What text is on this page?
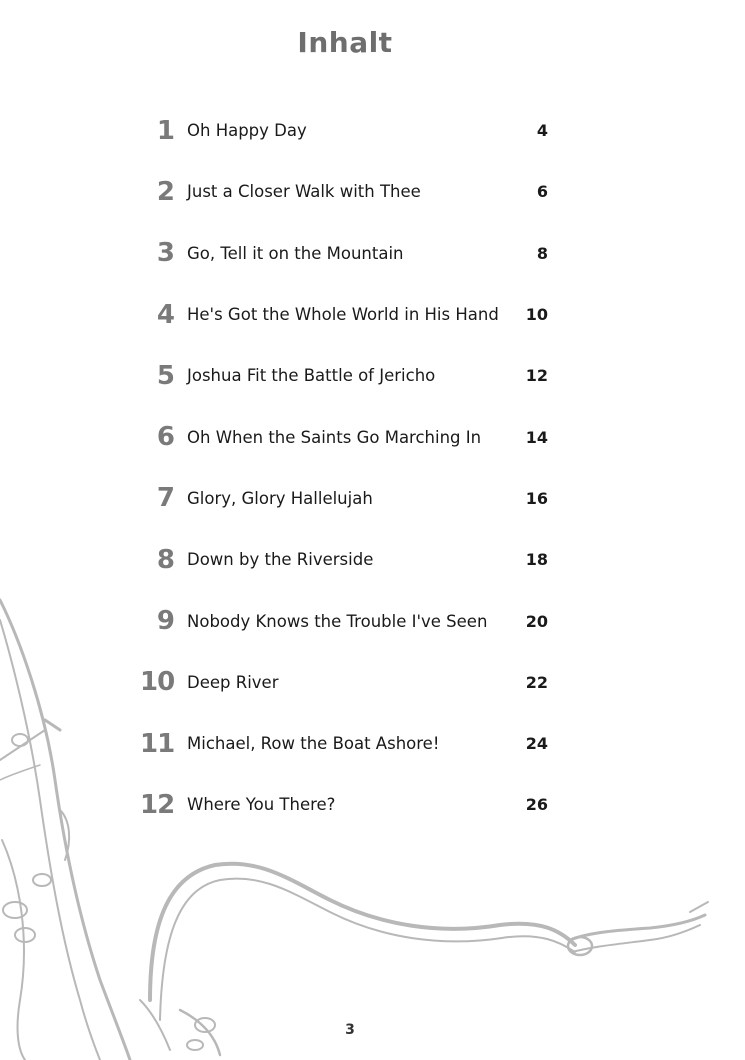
Inhalt
1 Oh Happy Day	4
2 Just a Closer Walk with Thee	6
3 Go, Tell it on the Mountain	8
4 He's Got the Whole World in His Hand	10
5 Joshua Fit the Battle of Jericho	12
6 Oh When the Saints Go Marching In	14
7 Glory, Glory Hallelujah	16
8 Down by the Riverside	18
9 Nobody Knows the Trouble I've Seen	20
10 Deep River	22
11 Michael, Row the Boat Ashore!	24
12 Where You There?	26
3
